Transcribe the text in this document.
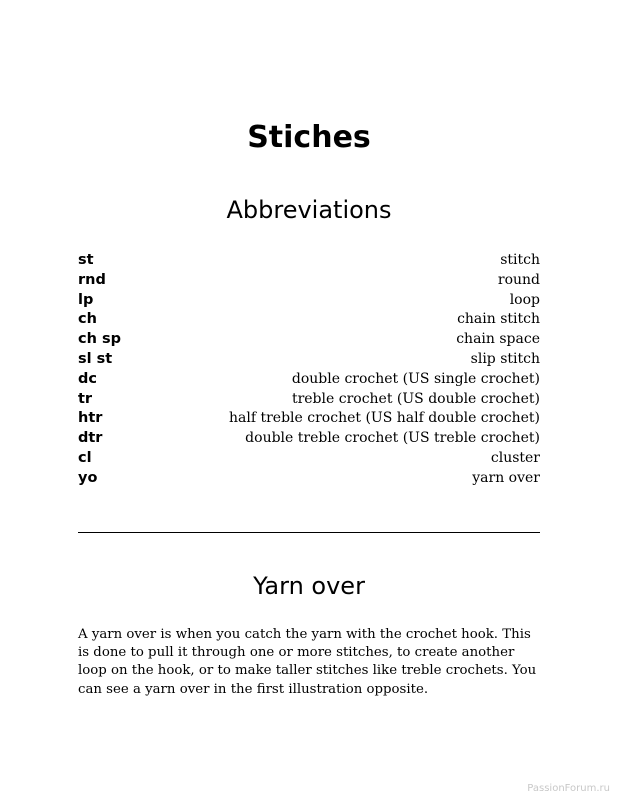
Stiches
Abbreviations
st	stitch
rnd	round
lp	loop
ch	chain stitch
ch sp	chain space
sl st	slip stitch
dc	double crochet (US single crochet)
tr	treble crochet (US double crochet)
htr	half treble crochet (US half double crochet)
dtr	double treble crochet (US treble crochet)
cl	cluster
yo	yarn over
Yarn over

A yarn over is when you catch the yarn with the crochet hook. This is done to pull it through one or more stitches, to create another loop on the hook, or to make taller stitches like treble crochets. You can see a yarn over in the first illustration opposite.

PassionForum.ru
